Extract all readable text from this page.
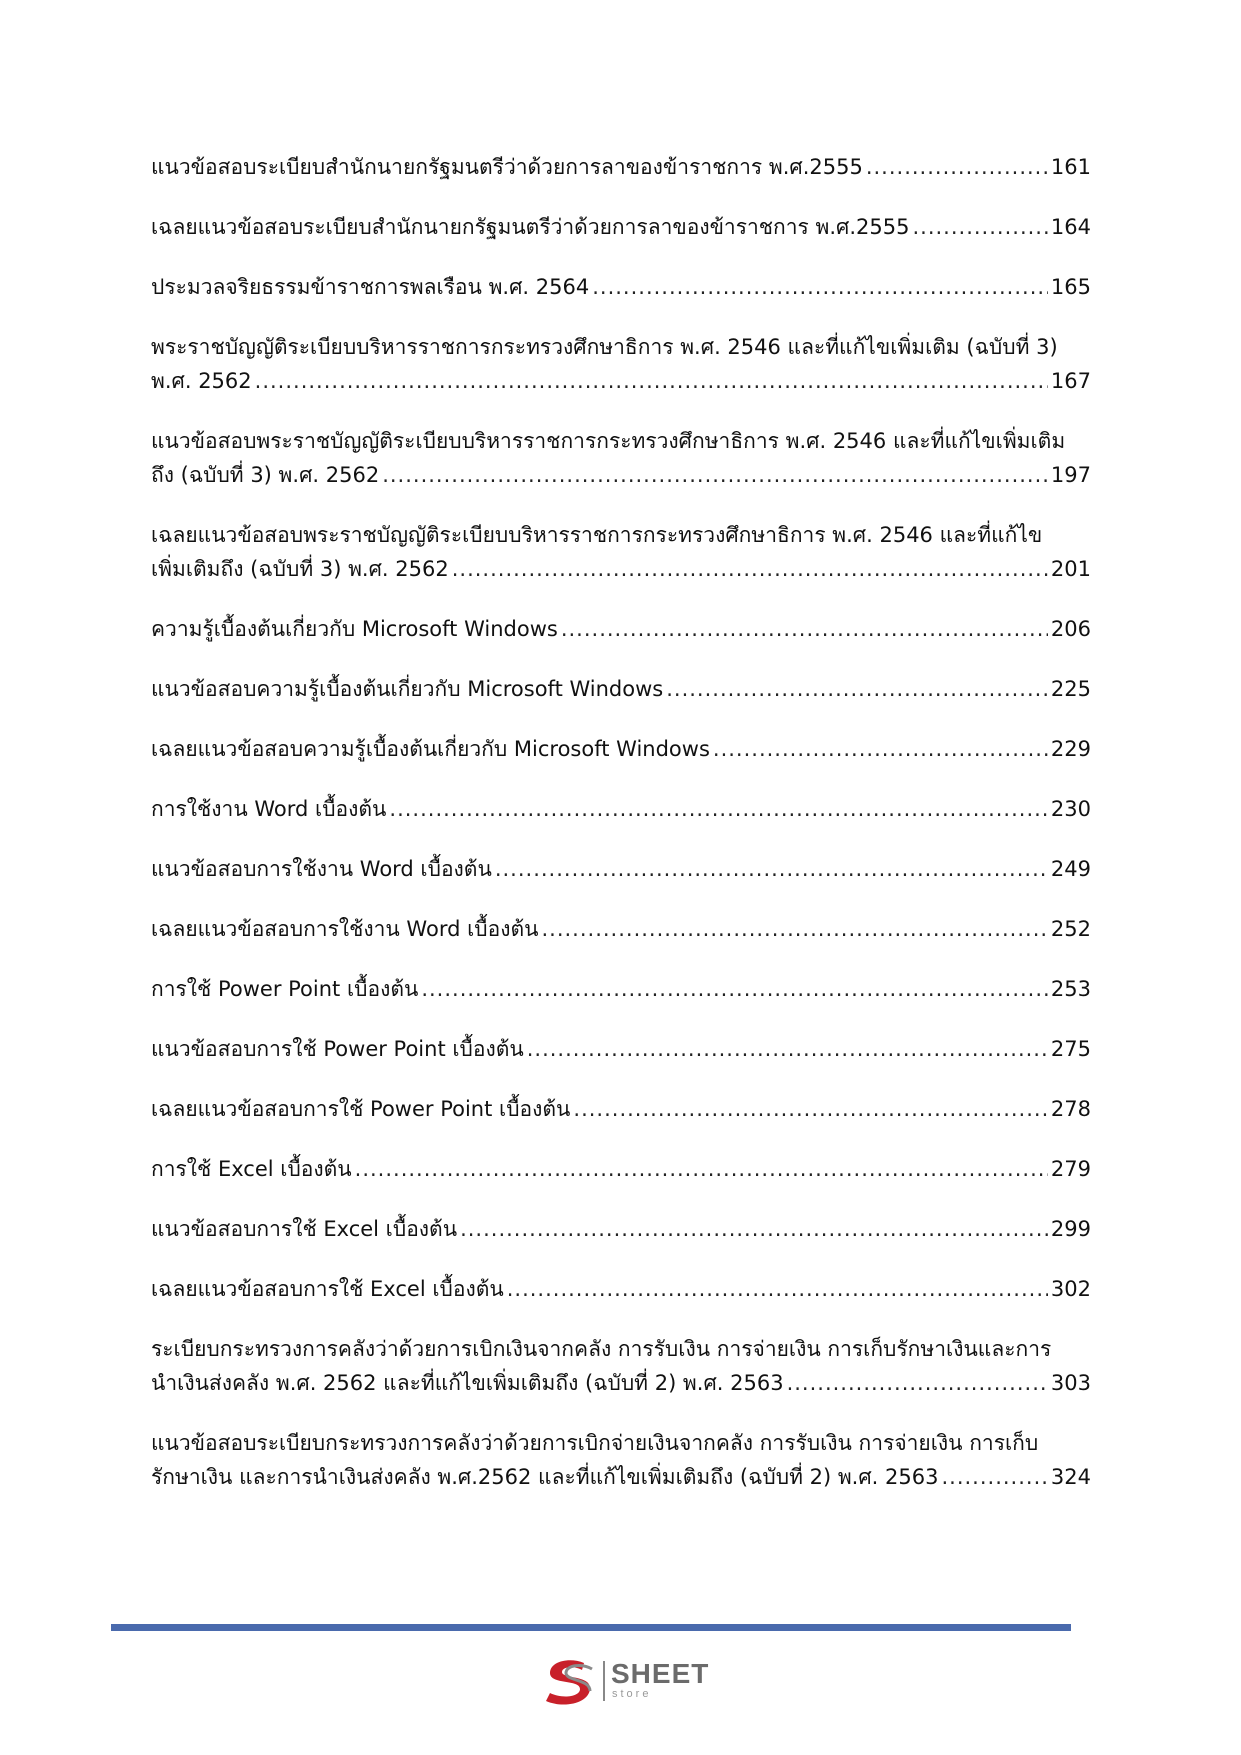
แนวข้อสอบระเบียบสำนักนายกรัฐมนตรีว่าด้วยการลาของข้าราชการ พ.ศ.2555 .....	161
เฉลยแนวข้อสอบระเบียบสำนักนายกรัฐมนตรีว่าด้วยการลาของข้าราชการ พ.ศ.2555 .....	164
ประมวลจริยธรรมข้าราชการพลเรือน พ.ศ. 2564 .....	165
พระราชบัญญัติระเบียบบริหารราชการกระทรวงศึกษาธิการ พ.ศ. 2546 และที่แก้ไขเพิ่มเติม (ฉบับที่ 3)
พ.ศ. 2562 .....	167
แนวข้อสอบพระราชบัญญัติระเบียบบริหารราชการกระทรวงศึกษาธิการ พ.ศ. 2546 และที่แก้ไขเพิ่มเติม
ถึง (ฉบับที่ 3) พ.ศ. 2562 .....	197
เฉลยแนวข้อสอบพระราชบัญญัติระเบียบบริหารราชการกระทรวงศึกษาธิการ พ.ศ. 2546 และที่แก้ไข
เพิ่มเติมถึง (ฉบับที่ 3) พ.ศ. 2562 .....	201
ความรู้เบื้องต้นเกี่ยวกับ Microsoft Windows .....	206
แนวข้อสอบความรู้เบื้องต้นเกี่ยวกับ Microsoft Windows .....	225
เฉลยแนวข้อสอบความรู้เบื้องต้นเกี่ยวกับ Microsoft Windows .....	229
การใช้งาน Word เบื้องต้น .....	230
แนวข้อสอบการใช้งาน Word เบื้องต้น .....	249
เฉลยแนวข้อสอบการใช้งาน Word เบื้องต้น .....	252
การใช้ Power Point เบื้องต้น .....	253
แนวข้อสอบการใช้ Power Point เบื้องต้น .....	275
เฉลยแนวข้อสอบการใช้ Power Point เบื้องต้น .....	278
การใช้ Excel เบื้องต้น .....	279
แนวข้อสอบการใช้ Excel เบื้องต้น .....	299
เฉลยแนวข้อสอบการใช้ Excel เบื้องต้น .....	302
ระเบียบกระทรวงการคลังว่าด้วยการเบิกเงินจากคลัง การรับเงิน การจ่ายเงิน การเก็บรักษาเงินและการ
นำเงินส่งคลัง พ.ศ. 2562 และที่แก้ไขเพิ่มเติมถึง (ฉบับที่ 2) พ.ศ. 2563 .....	303
แนวข้อสอบระเบียบกระทรวงการคลังว่าด้วยการเบิกจ่ายเงินจากคลัง การรับเงิน การจ่ายเงิน การเก็บ
รักษาเงิน และการนำเงินส่งคลัง พ.ศ.2562 และที่แก้ไขเพิ่มเติมถึง (ฉบับที่ 2) พ.ศ. 2563 .....	324
SHEET
store
